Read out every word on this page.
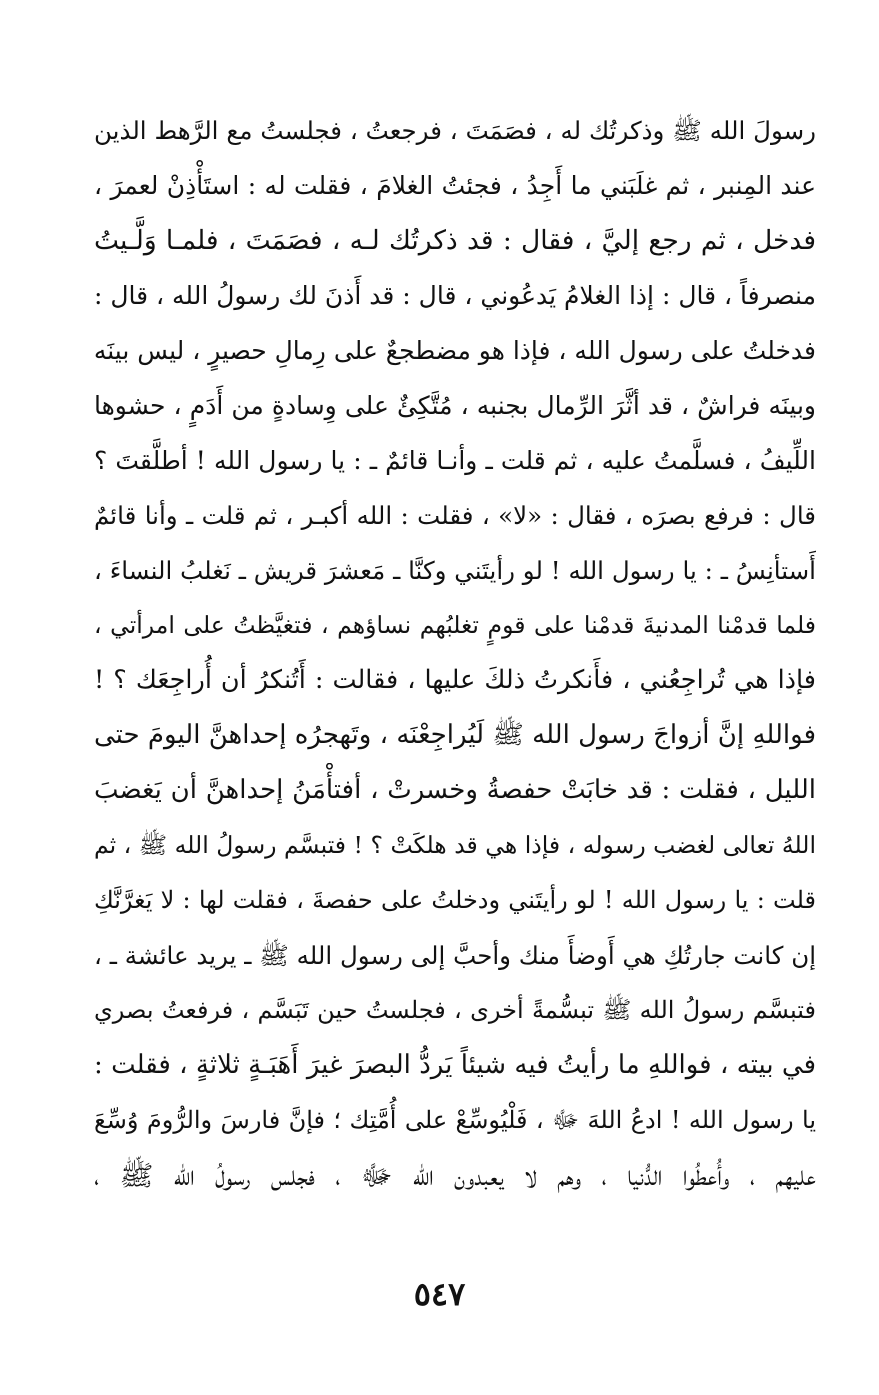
رسولَ الله ﷺ وذكرتُك له ، فصَمَتَ ، فرجعتُ ، فجلستُ مع الرَّهط الذين
عند المِنبر ، ثم غلَبَني ما أَجِدُ ، فجئتُ الغلامَ ، فقلت له : استَأْذِنْ لعمرَ ،
فدخل ، ثم رجع إليَّ ، فقال : قد ذكرتُك لـه ، فصَمَتَ ، فلمـا وَلَّـيتُ
منصرفاً ، قال : إذا الغلامُ يَدعُوني ، قال : قد أَذنَ لك رسولُ الله ، قال :
فدخلتُ على رسول الله ، فإذا هو مضطجعٌ على رِمالِ حصيرٍ ، ليس بينَه
وبينَه فراشٌ ، قد أثَّرَ الرِّمال بجنبه ، مُتَّكِئٌ على وِسادةٍ من أَدَمٍ ، حشوها
اللِّيفُ ، فسلَّمتُ عليه ، ثم قلت ـ وأنـا قائمٌ ـ : يا رسول الله ! أطلَّقتَ ؟
قال : فرفع بصرَه ، فقال : «لا» ، فقلت : الله أكبـر ، ثم قلت ـ وأنا قائمٌ
أَستأنِسُ ـ : يا رسول الله ! لو رأيتَني وكنَّا ـ مَعشرَ قريش ـ نَغلبُ النساءَ ،
فلما قدمْنا المدنيةَ قدمْنا على قومٍ تغلبُهم نساؤهم ، فتغيَّظتُ على امرأتي ،
فإذا هي تُراجِعُني ، فأَنكرتُ ذلكَ عليها ، فقالت : أَتُنكرُ أن أُراجِعَك ؟ !
فواللهِ إنَّ أزواجَ رسول الله ﷺ لَيُراجِعْنَه ، وتَهجرُه إحداهنَّ اليومَ حتى
الليل ، فقلت : قد خابَتْ حفصةُ وخسرتْ ، أفتأْمَنُ إحداهنَّ أن يَغضبَ
اللهُ تعالى لغضب رسوله ، فإذا هي قد هلكَتْ ؟ ! فتبسَّم رسولُ الله ﷺ ، ثم
قلت : يا رسول الله ! لو رأيتَني ودخلتُ على حفصةَ ، فقلت لها : لا يَغرَّنَّكِ
إن كانت جارتُكِ هي أَوضأَ منك وأحبَّ إلى رسول الله ﷺ ـ يريد عائشة ـ ،
فتبسَّم رسولُ الله ﷺ تبسُّمةً أخرى ، فجلستُ حين تَبَسَّم ، فرفعتُ بصري
في بيته ، فواللهِ ما رأيتُ فيه شيئاً يَردُّ البصرَ غيرَ أَهَبَـةٍ ثلاثةٍ ، فقلت :
يا رسول الله ! ادعُ اللهَ ﷻ ، فَلْيُوسِّعْ على أُمَّتِك ؛ فإنَّ فارسَ والرُّومَ وُسِّعَ
عليهم ، وأُعطُوا الدُّنيا ، وهم لا يعبدون الله ﷻ ، فجلس رسولُ الله ﷺ ،
٥٤٧
